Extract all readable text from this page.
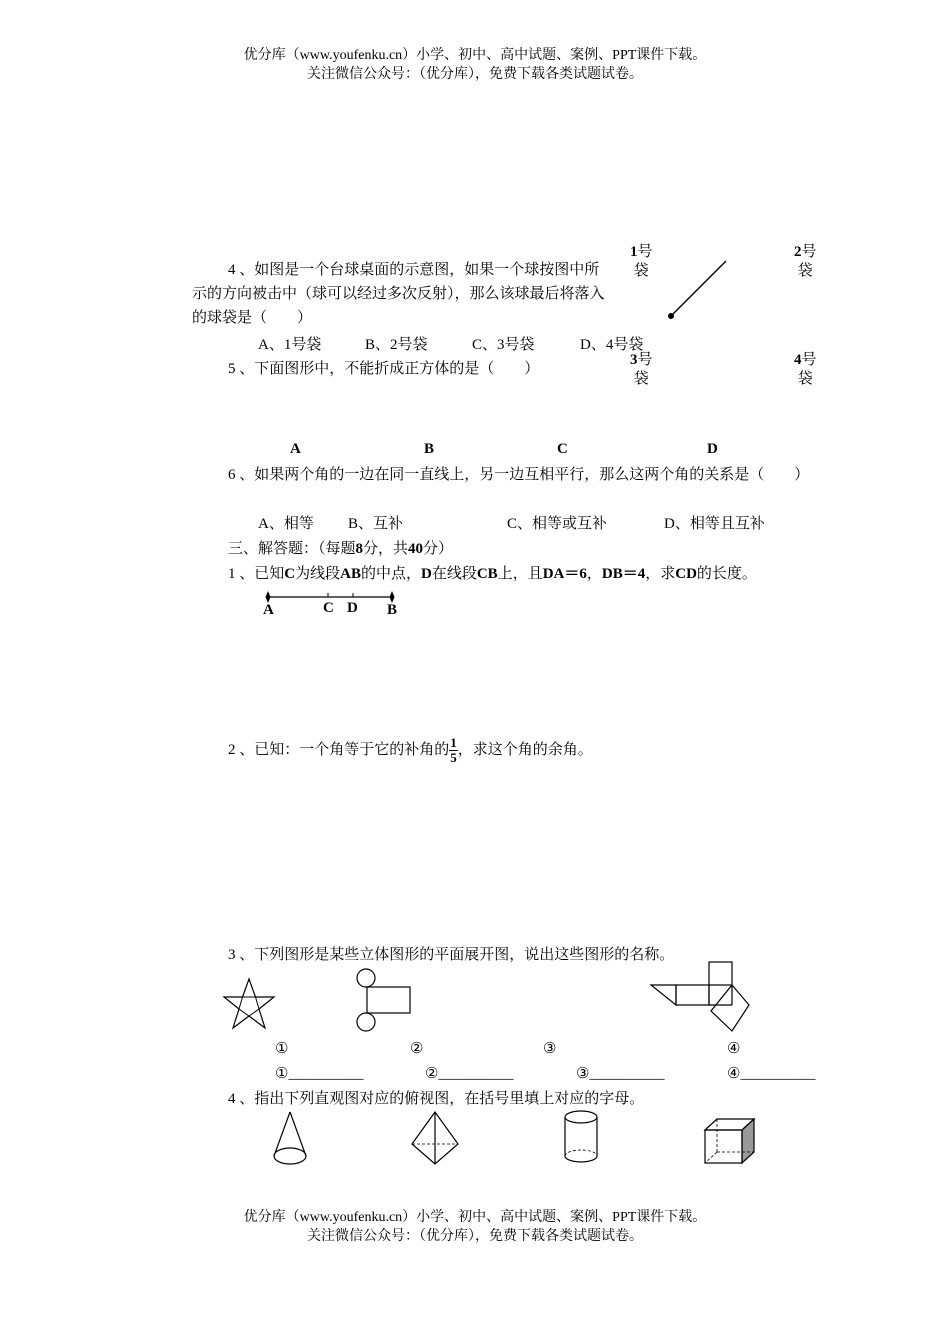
优分库（www.youfenku.cn）小学、初中、高中试题、案例、PPT课件下载。
关注微信公众号：（优分库），免费下载各类试题试卷。
4 、如图是一个台球桌面的示意图，如果一个球按图中所示的方向被击中（球可以经过多次反射），那么该球最后将落入的球袋是（　　）
1号
袋
2号
袋
3号
袋
4号
袋
A、1号袋	B、2号袋	C、3号袋	D、4号袋
5 、下面图形中，不能折成正方体的是（　　）
A	B	C	D
6 、如果两个角的一边在同一直线上，另一边互相平行，那么这两个角的关系是（　　）
A、相等 B、互补	C、相等或互补	D、相等且互补
三、解答题：（每题8分，共40分）
1 、已知C为线段AB的中点，D在线段CB上，且DA＝6，DB＝4，求CD的长度。
A	C D B
2 、已知：一个角等于它的补角的 $\frac{1}{5}$ ，求这个角的余角。
3 、下列图形是某些立体图形的平面展开图，说出这些图形的名称。
①	②	③	④
①__________	②__________	③__________	④__________
4 、指出下列直观图对应的俯视图，在括号里填上对应的字母。
优分库（www.youfenku.cn）小学、初中、高中试题、案例、PPT课件下载。
关注微信公众号：（优分库），免费下载各类试题试卷。
